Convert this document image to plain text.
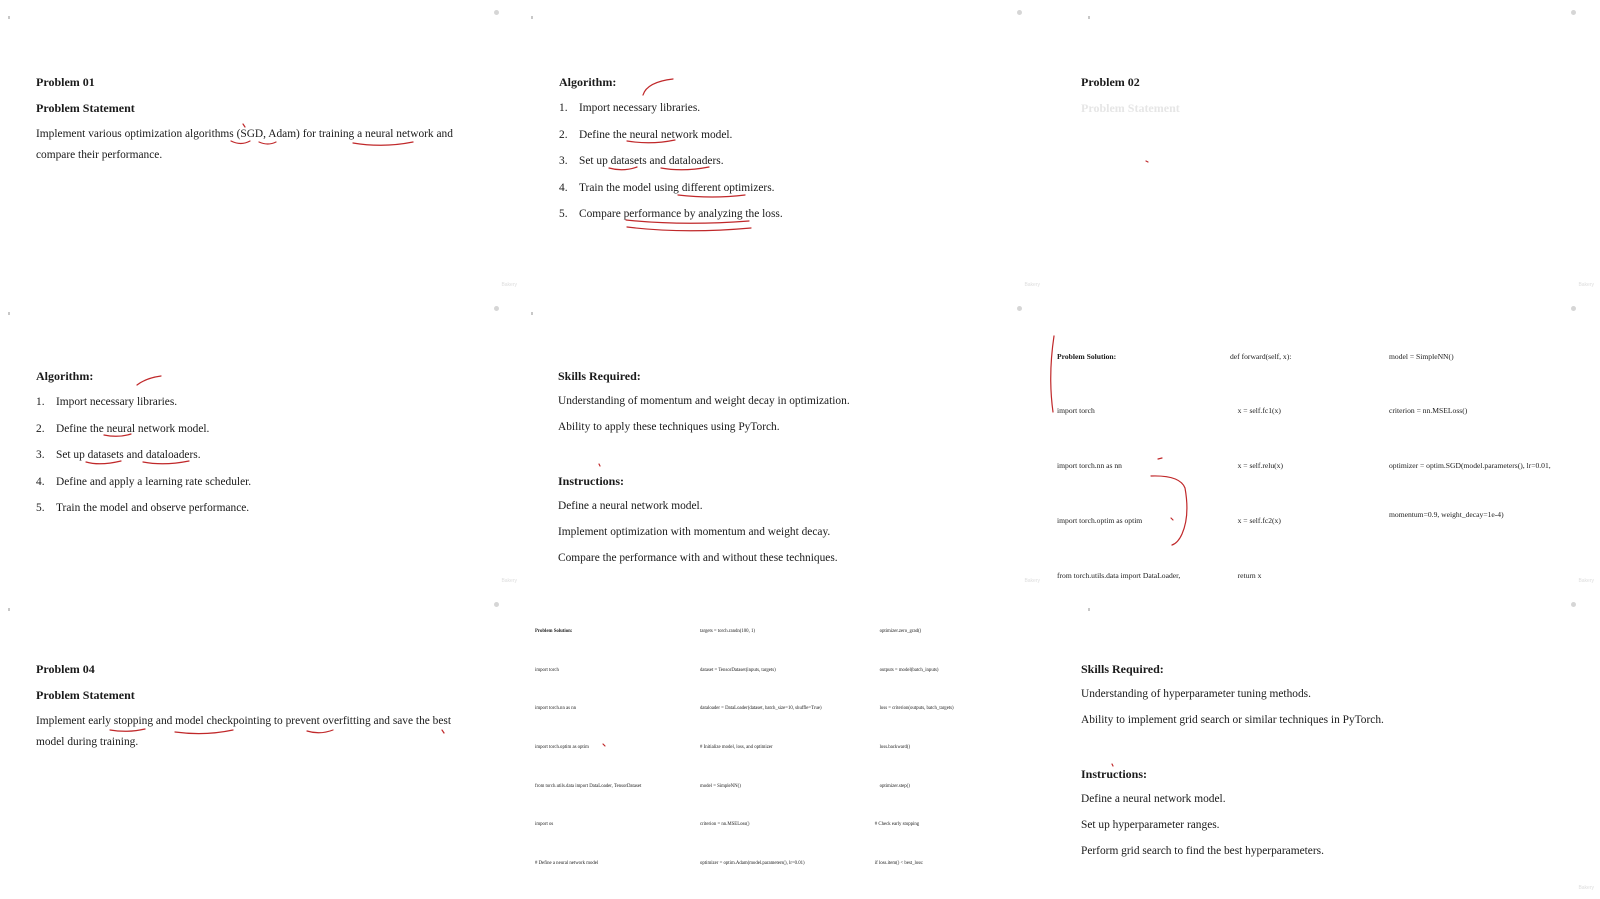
Problem 01
Problem Statement
Implement various optimization algorithms (SGD, Adam) for training a neural network and compare their performance.
Bakery
Algorithm:
1. Import necessary libraries.
2. Define the neural network model.
3. Set up datasets and dataloaders.
4. Train the model using different optimizers.
5. Compare performance by analyzing the loss.
Bakery
Problem 02
Problem Statement
Bakery
Algorithm:
1. Import necessary libraries.
2. Define the neural network model.
3. Set up datasets and dataloaders.
4. Define and apply a learning rate scheduler.
5. Train the model and observe performance.
Bakery
Skills Required:
Understanding of momentum and weight decay in optimization.
Ability to apply these techniques using PyTorch.
Instructions:
Define a neural network model.
Implement optimization with momentum and weight decay.
Compare the performance with and without these techniques.
Bakery

Problem Solution:

import torch

import torch.nn as nn

import torch.optim as optim

from torch.utils.data import DataLoader,

def forward(self, x):

x = self.fc1(x)

x = self.relu(x)

x = self.fc2(x)

return x

model = SimpleNN()

criterion = nn.MSELoss()

optimizer = optim.SGD(model.parameters(), lr=0.01,

momentum=0.9, weight_decay=1e-4)

Bakery
Problem 04
Problem Statement
Implement early stopping and model checkpointing to prevent overfitting and save the best model during training.

Problem Solution:

import torch

import torch.nn as nn

import torch.optim as optim

from torch.utils.data import DataLoader, TensorDataset

import os

# Define a neural network model

targets = torch.randn(100, 1)

dataset = TensorDataset(inputs, targets)

dataloader = DataLoader(dataset, batch_size=10, shuffle=True)

# Initialize model, loss, and optimizer

model = SimpleNN()

criterion = nn.MSELoss()

optimizer = optim.Adam(model.parameters(), lr=0.01)

optimizer.zero_grad()

outputs = model(batch_inputs)

loss = criterion(outputs, batch_targets)

loss.backward()

optimizer.step()

# Check early stopping

if loss.item() < best_loss:

Skills Required:
Understanding of hyperparameter tuning methods.
Ability to implement grid search or similar techniques in PyTorch.
Instructions:
Define a neural network model.
Set up hyperparameter ranges.
Perform grid search to find the best hyperparameters.
Bakery
